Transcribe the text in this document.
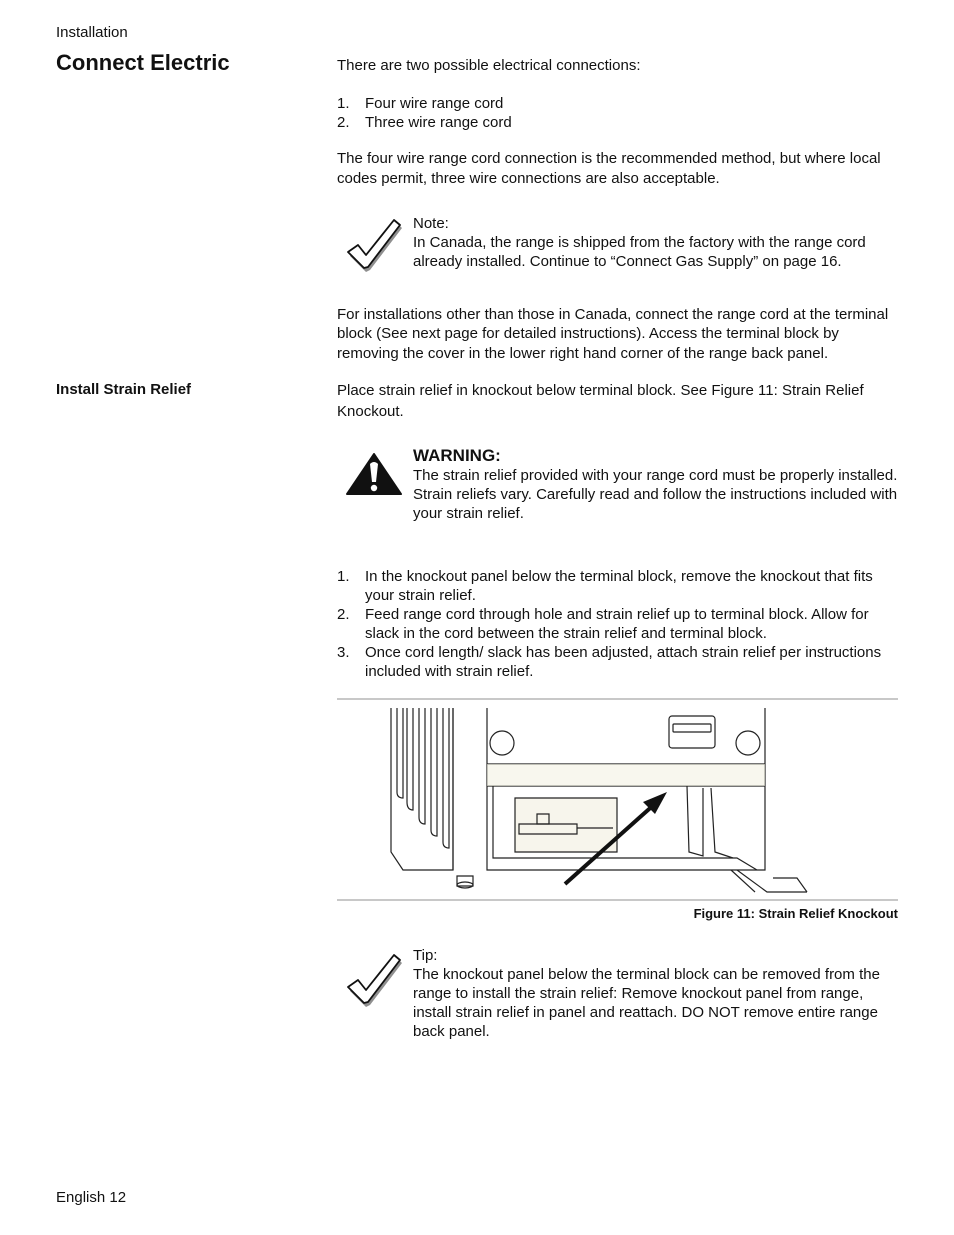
Installation
Connect Electric	There are two possible electrical connections:
1. Four wire range cord
2. Three wire range cord
The four wire range cord connection is the recommended method, but where local codes permit, three wire connections are also acceptable.
Note:
In Canada, the range is shipped from the factory with the range cord already installed. Continue to “Connect Gas Supply” on page 16.
For installations other than those in Canada, connect the range cord at the terminal block (See next page for detailed instructions). Access the terminal block by removing the cover in the lower right hand corner of the range back panel.
Install Strain Relief	Place strain relief in knockout below terminal block. See Figure 11: Strain Relief Knockout.
WARNING:
The strain relief provided with your range cord must be properly installed.
Strain reliefs vary. Carefully read and follow the instructions included with your strain relief.
1. In the knockout panel below the terminal block, remove the knockout that fits your strain relief.
2. Feed range cord through hole and strain relief up to terminal block. Allow for slack in the cord between the strain relief and terminal block.
3. Once cord length/ slack has been adjusted, attach strain relief per instructions included with strain relief.
Figure 11: Strain Relief Knockout
Tip:
The knockout panel below the terminal block can be removed from the range to install the strain relief: Remove knockout panel from range, install strain relief in panel and reattach. DO NOT remove entire range back panel.
English 12
